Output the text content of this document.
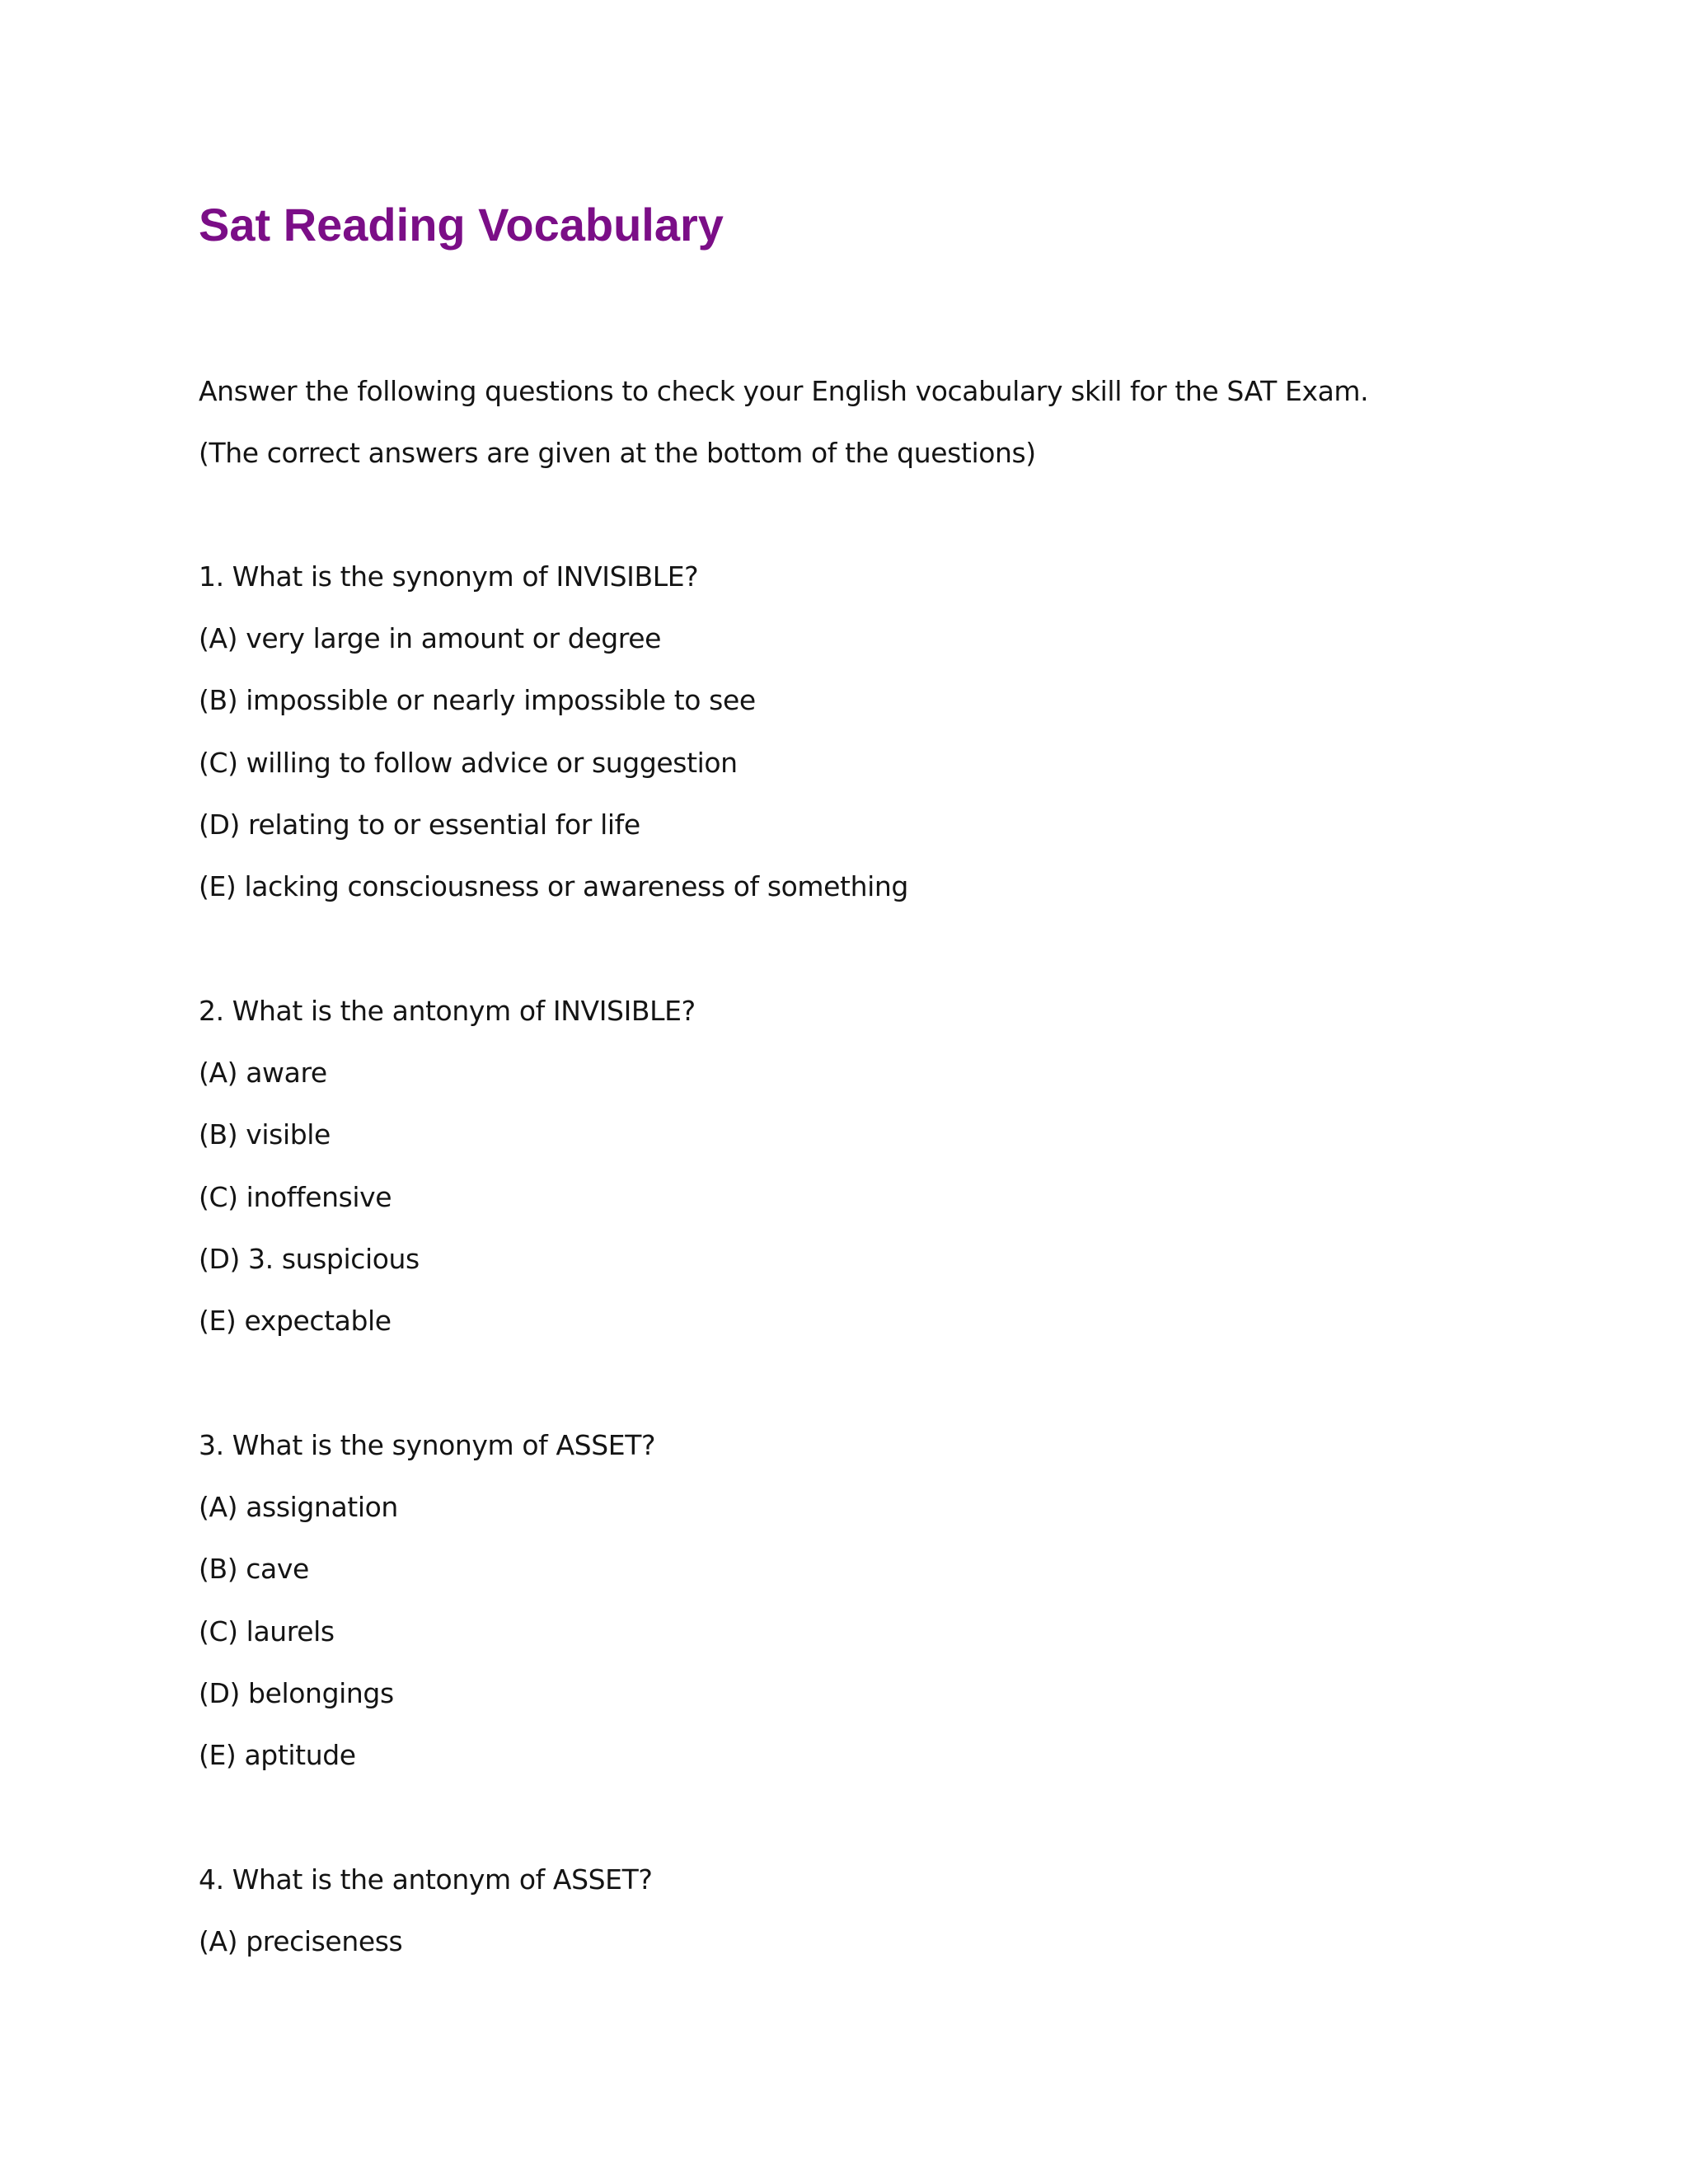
Sat Reading Vocabulary
Answer the following questions to check your English vocabulary skill for the SAT Exam.
(The correct answers are given at the bottom of the questions)
1. What is the synonym of INVISIBLE?
(A) very large in amount or degree
(B) impossible or nearly impossible to see
(C) willing to follow advice or suggestion
(D) relating to or essential for life
(E) lacking consciousness or awareness of something
2. What is the antonym of INVISIBLE?
(A) aware
(B) visible
(C) inoffensive
(D) 3. suspicious
(E) expectable
3. What is the synonym of ASSET?
(A) assignation
(B) cave
(C) laurels
(D) belongings
(E) aptitude
4. What is the antonym of ASSET?
(A) preciseness
